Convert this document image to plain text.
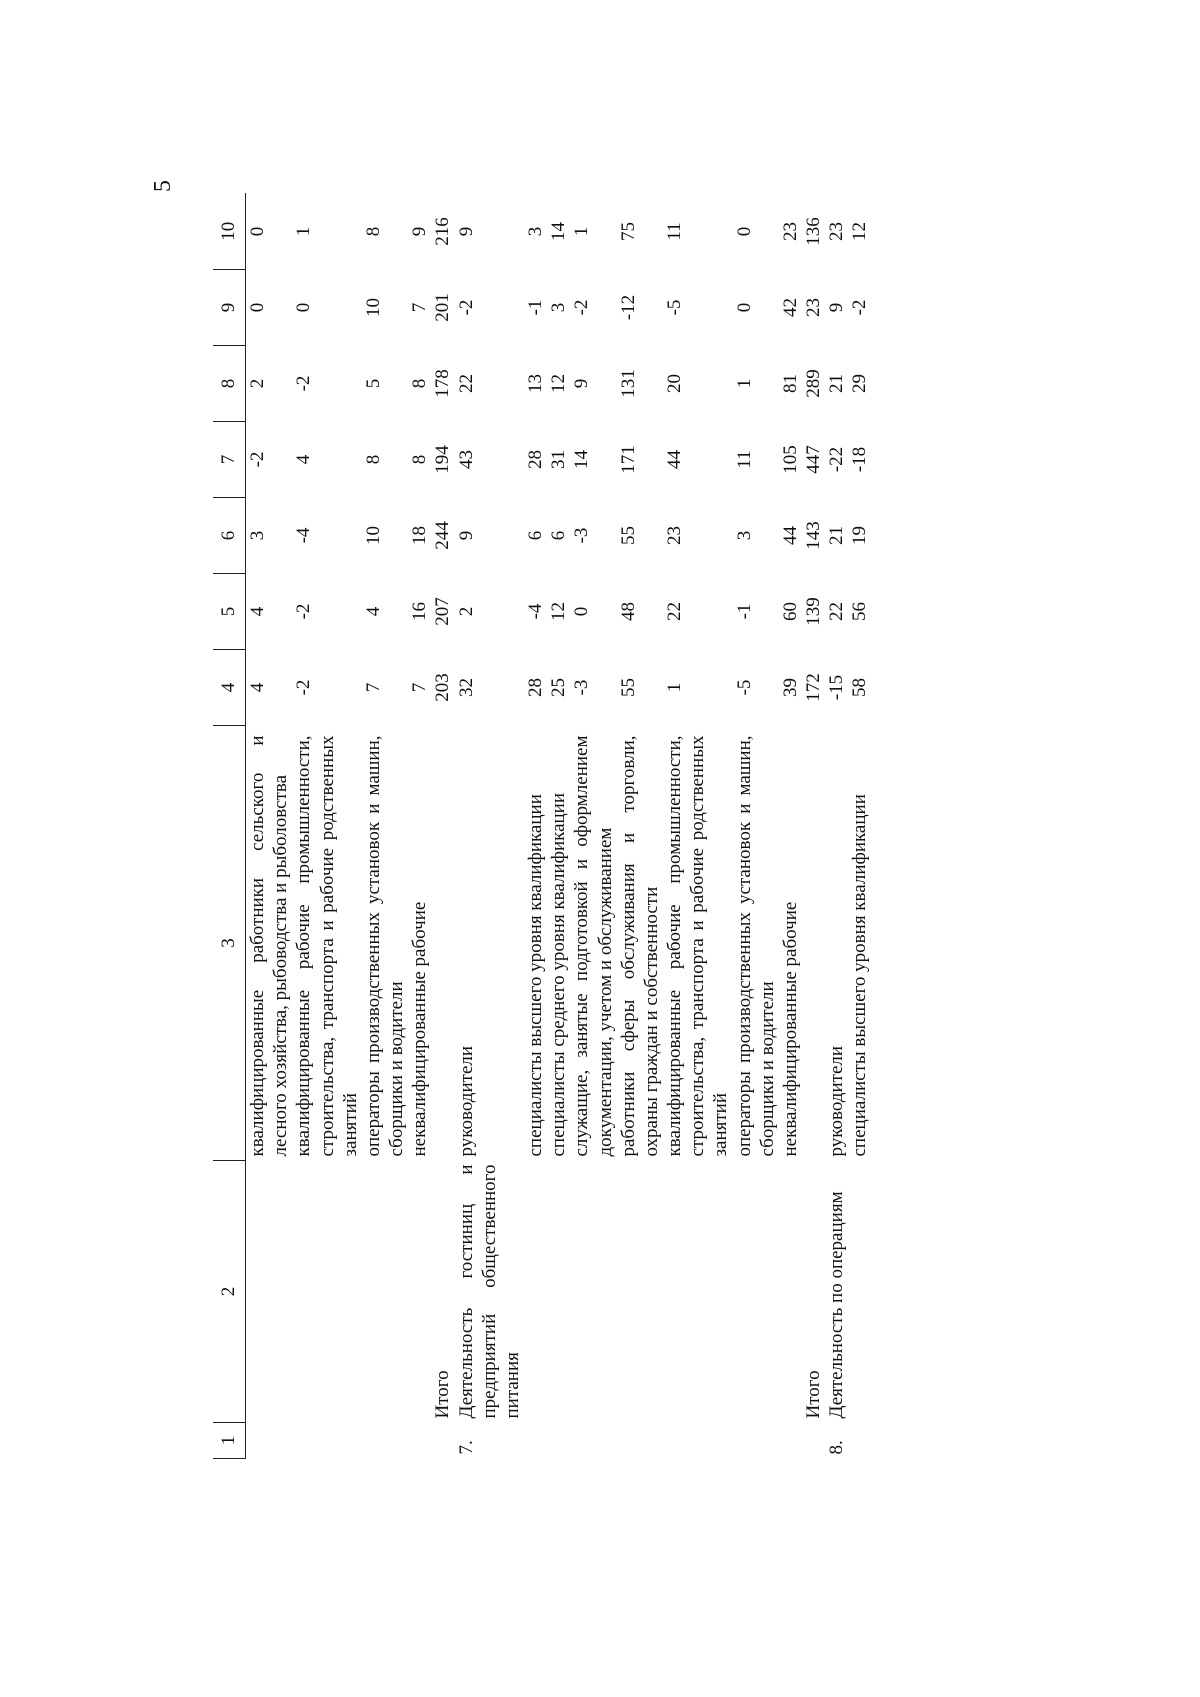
5
1	2	3	4	5	6	7	8	9	10
		квалифицированные работники сельского и лесного хозяйства, рыбоводства и рыболовства	4	4	3	-2	2	0	0
		квалифицированные рабочие промышленности, строительства, транспорта и рабочие родственных занятий	-2	-2	-4	4	-2	0	1
		операторы производственных установок и машин, сборщики и водители	7	4	10	8	5	10	8
		неквалифицированные рабочие	7	16	18	8	8	7	9
	Итого		203	207	244	194	178	201	216
7.	Деятельность гостиниц и предприятий общественного питания	руководители	32	2	9	43	22	-2	9
		специалисты высшего уровня квалификации	28	-4	6	28	13	-1	3
		специалисты среднего уровня квалификации	25	12	6	31	12	3	14
		служащие, занятые подготовкой и оформлением документации, учетом и обслуживанием	-3	0	-3	14	9	-2	1
		работники сферы обслуживания и торговли, охраны граждан и собственности	55	48	55	171	131	-12	75
		квалифицированные рабочие промышленности, строительства, транспорта и рабочие родственных занятий	1	22	23	44	20	-5	11
		операторы производственных установок и машин, сборщики и водители	-5	-1	3	11	1	0	0
		неквалифицированные рабочие	39	60	44	105	81	42	23
	Итого		172	139	143	447	289	23	136
8.	Деятельность по операциям	руководители	-15	22	21	-22	21	9	23
		специалисты высшего уровня квалификации	58	56	19	-18	29	-2	12
